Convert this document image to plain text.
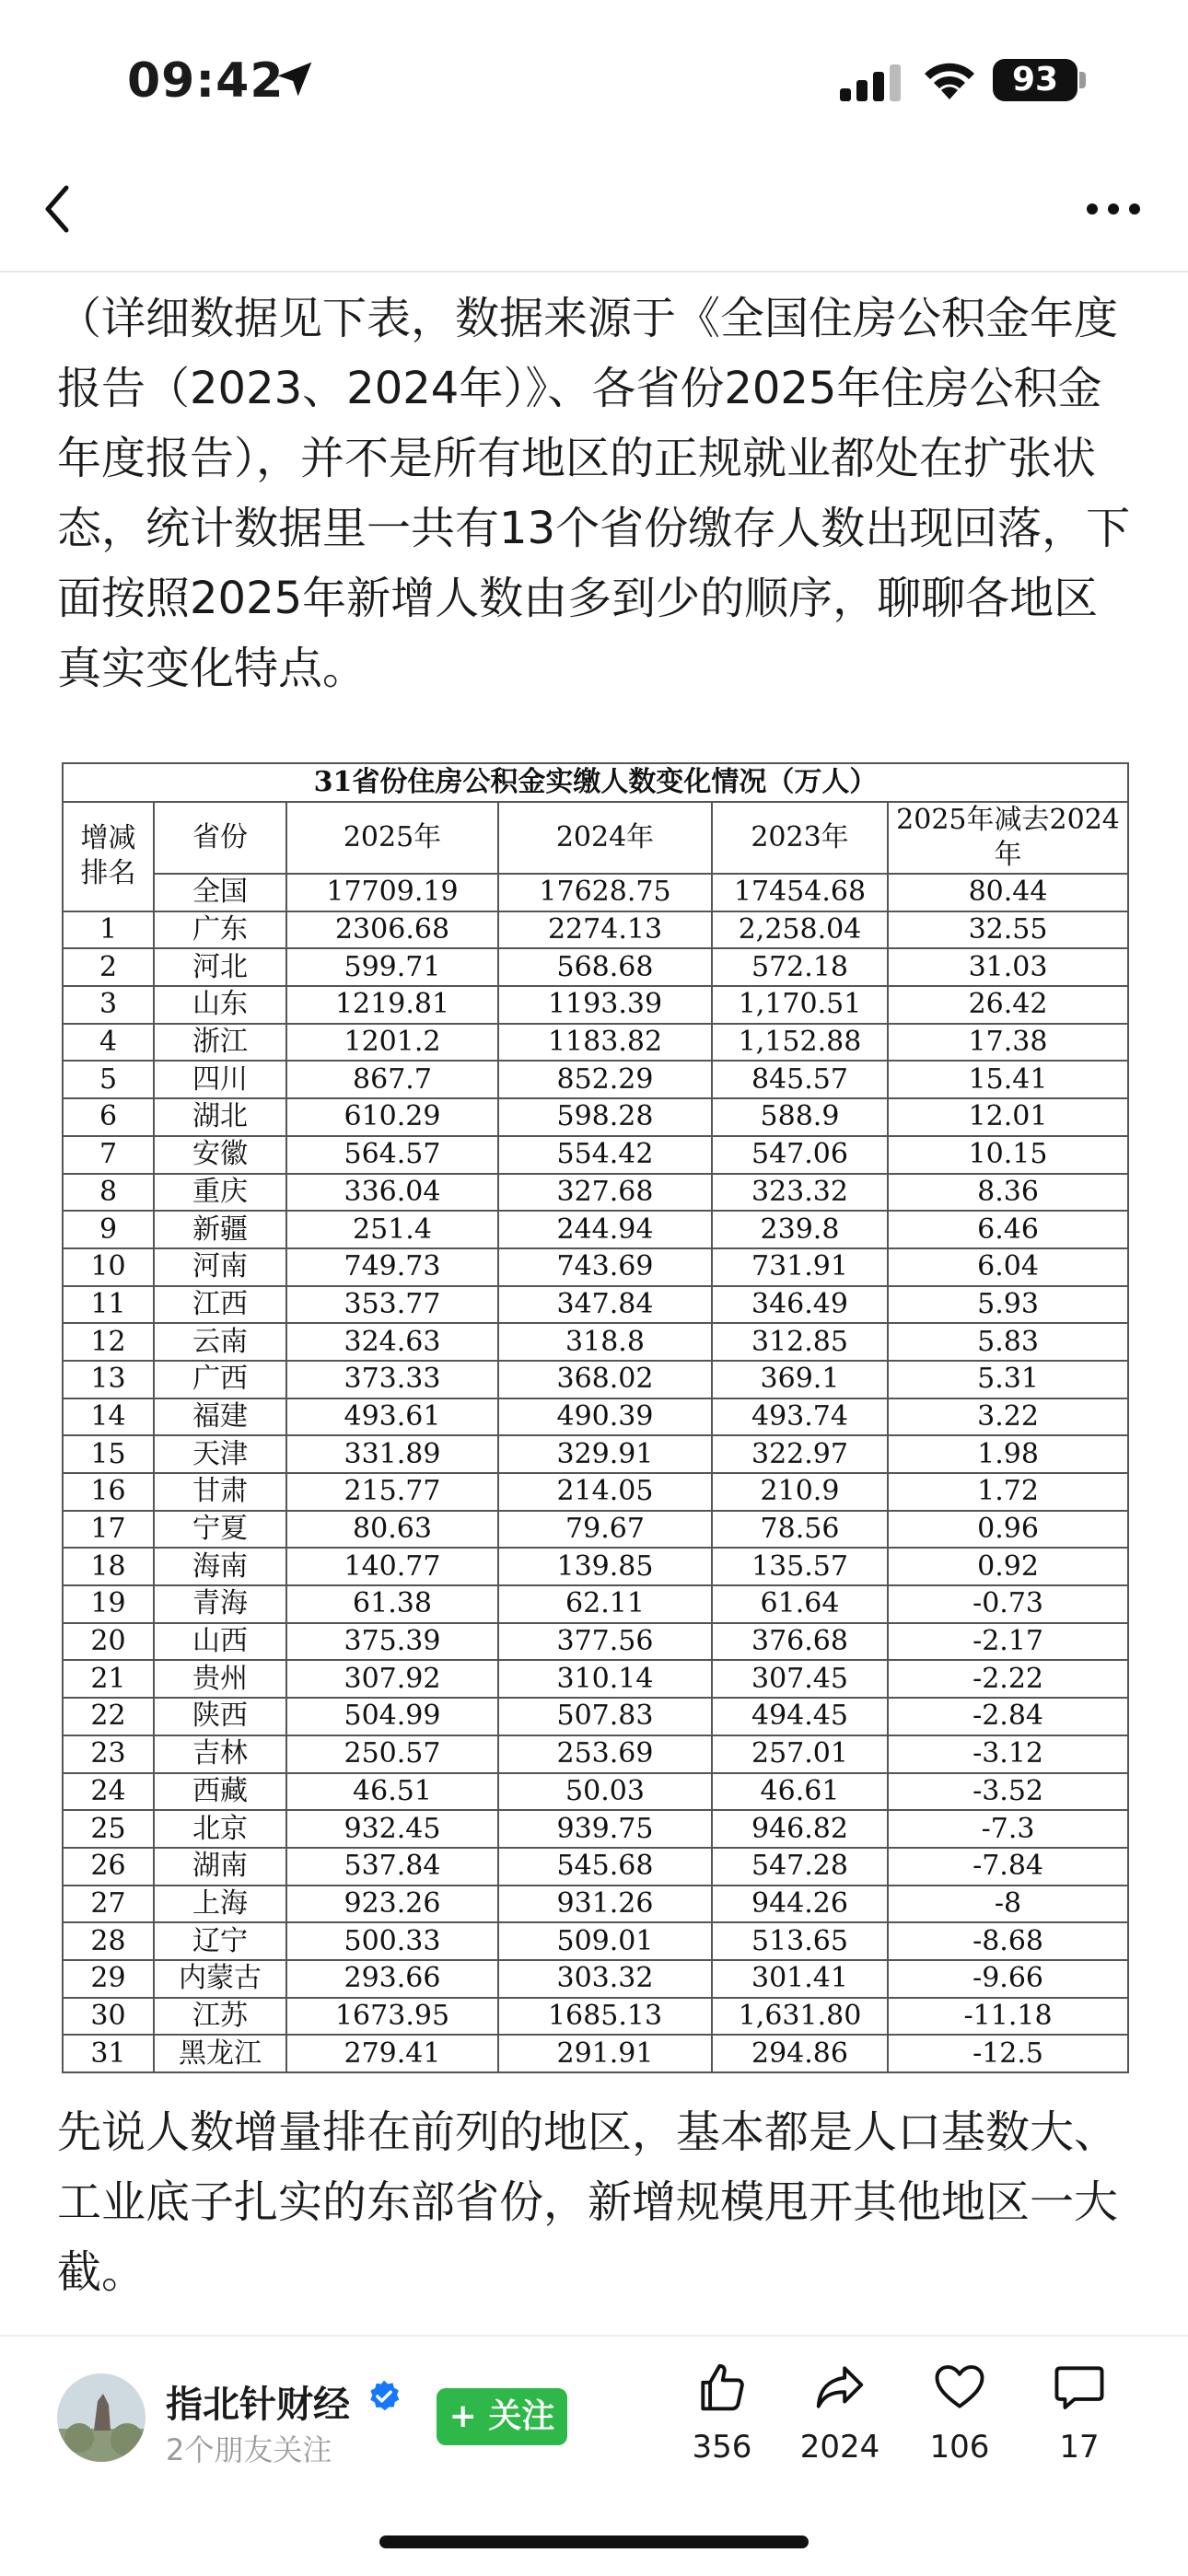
09:42	93
（详细数据见下表，数据来源于《全国住房公积金年度报告（2023、2024年）》、各省份2025年住房公积金年度报告），并不是所有地区的正规就业都处在扩张状态，统计数据里一共有13个省份缴存人数出现回落，下面按照2025年新增人数由多到少的顺序，聊聊各地区真实变化特点。
31省份住房公积金实缴人数变化情况（万人）					
增减
排名	省份	2025年	2024年	2023年	2025年减去2024年
	全国	17709.19	17628.75	17454.68	80.44
1	广东	2306.68	2274.13	2,258.04	32.55
2	河北	599.71	568.68	572.18	31.03
3	山东	1219.81	1193.39	1,170.51	26.42
4	浙江	1201.2	1183.82	1,152.88	17.38
5	四川	867.7	852.29	845.57	15.41
6	湖北	610.29	598.28	588.9	12.01
7	安徽	564.57	554.42	547.06	10.15
8	重庆	336.04	327.68	323.32	8.36
9	新疆	251.4	244.94	239.8	6.46
10	河南	749.73	743.69	731.91	6.04
11	江西	353.77	347.84	346.49	5.93
12	云南	324.63	318.8	312.85	5.83
13	广西	373.33	368.02	369.1	5.31
14	福建	493.61	490.39	493.74	3.22
15	天津	331.89	329.91	322.97	1.98
16	甘肃	215.77	214.05	210.9	1.72
17	宁夏	80.63	79.67	78.56	0.96
18	海南	140.77	139.85	135.57	0.92
19	青海	61.38	62.11	61.64	-0.73
20	山西	375.39	377.56	376.68	-2.17
21	贵州	307.92	310.14	307.45	-2.22
22	陕西	504.99	507.83	494.45	-2.84
23	吉林	250.57	253.69	257.01	-3.12
24	西藏	46.51	50.03	46.61	-3.52
25	北京	932.45	939.75	946.82	-7.3
26	湖南	537.84	545.68	547.28	-7.84
27	上海	923.26	931.26	944.26	-8
28	辽宁	500.33	509.01	513.65	-8.68
29	内蒙古	293.66	303.32	301.41	-9.66
30	江苏	1673.95	1685.13	1,631.80	-11.18
31	黑龙江	279.41	291.91	294.86	-12.5
先说人数增量排在前列的地区，基本都是人口基数大、工业底子扎实的东部省份，新增规模甩开其他地区一大截。
指北针财经
2个朋友关注
+ 关注
356	2024	106	17
